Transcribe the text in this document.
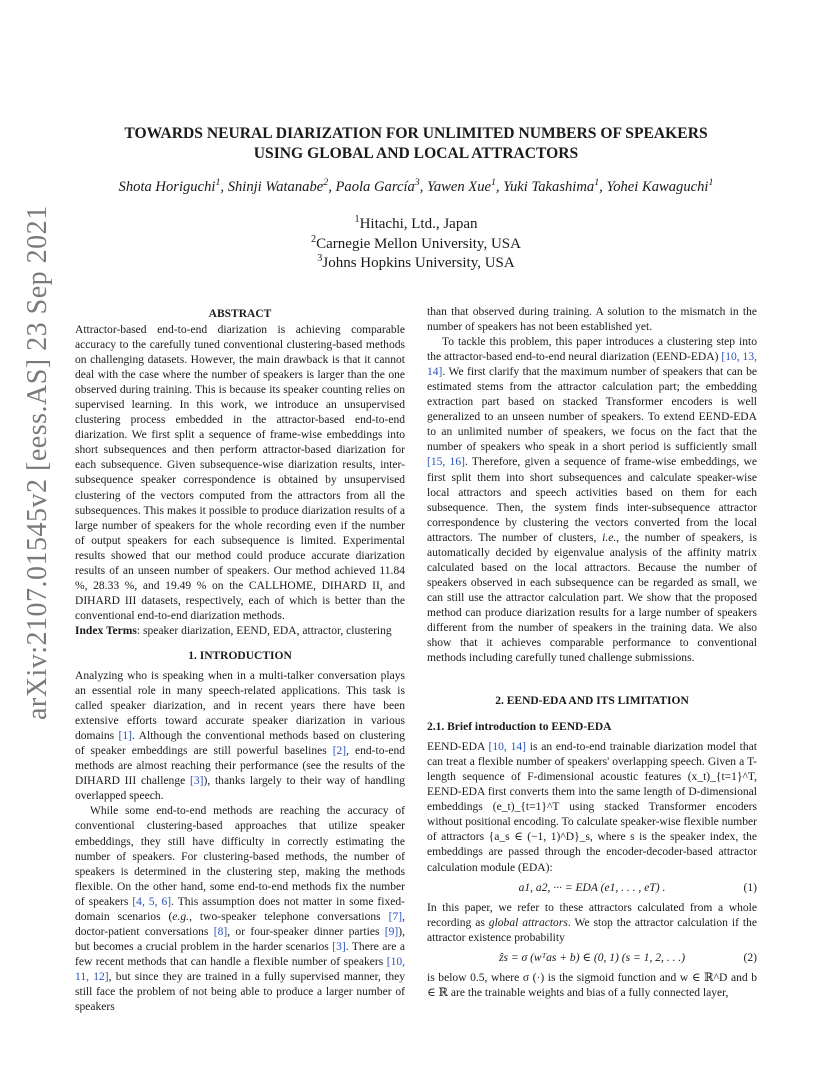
arXiv:2107.01545v2 [eess.AS] 23 Sep 2021
TOWARDS NEURAL DIARIZATION FOR UNLIMITED NUMBERS OF SPEAKERS
USING GLOBAL AND LOCAL ATTRACTORS
Shota Horiguchi$^1$, Shinji Watanabe$^2$, Paola García$^3$, Yawen Xue$^1$, Yuki Takashima$^1$, Yohei Kawaguchi$^1$
$^1$Hitachi, Ltd., Japan
$^2$Carnegie Mellon University, USA
$^3$Johns Hopkins University, USA
ABSTRACT

Attractor-based end-to-end diarization is achieving comparable accuracy to the carefully tuned conventional clustering-based methods on challenging datasets. However, the main drawback is that it cannot deal with the case where the number of speakers is larger than the one observed during training. This is because its speaker counting relies on supervised learning. In this work, we introduce an unsupervised clustering process embedded in the attractor-based end-to-end diarization. We first split a sequence of frame-wise embeddings into short subsequences and then perform attractor-based diarization for each subsequence. Given subsequence-wise diarization results, inter-subsequence speaker correspondence is obtained by unsupervised clustering of the vectors computed from the attractors from all the subsequences. This makes it possible to produce diarization results of a large number of speakers for the whole recording even if the number of output speakers for each subsequence is limited. Experimental results showed that our method could produce accurate diarization results of an unseen number of speakers. Our method achieved 11.84 %, 28.33 %, and 19.49 % on the CALLHOME, DIHARD II, and DIHARD III datasets, respectively, each of which is better than the conventional end-to-end diarization methods.

Index Terms: speaker diarization, EEND, EDA, attractor, clustering

1. INTRODUCTION

Analyzing who is speaking when in a multi-talker conversation plays an essential role in many speech-related applications. This task is called speaker diarization, and in recent years there have been extensive efforts toward accurate speaker diarization in various domains [1]. Although the conventional methods based on clustering of speaker embeddings are still powerful baselines [2], end-to-end methods are almost reaching their performance (see the results of the DIHARD III challenge [3]), thanks largely to their way of handling overlapped speech.

While some end-to-end methods are reaching the accuracy of conventional clustering-based approaches that utilize speaker embeddings, they still have difficulty in correctly estimating the number of speakers. For clustering-based methods, the number of speakers is determined in the clustering step, making the methods flexible. On the other hand, some end-to-end methods fix the number of speakers [4, 5, 6]. This assumption does not matter in some fixed-domain scenarios (e.g., two-speaker telephone conversations [7], doctor-patient conversations [8], or four-speaker dinner parties [9]), but becomes a crucial problem in the harder scenarios [3]. There are a few recent methods that can handle a flexible number of speakers [10, 11, 12], but since they are trained in a fully supervised manner, they still face the problem of not being able to produce a larger number of speakers

than that observed during training. A solution to the mismatch in the number of speakers has not been established yet.

To tackle this problem, this paper introduces a clustering step into the attractor-based end-to-end neural diarization (EEND-EDA) [10, 13, 14]. We first clarify that the maximum number of speakers that can be estimated stems from the attractor calculation part; the embedding extraction part based on stacked Transformer encoders is well generalized to an unseen number of speakers. To extend EEND-EDA to an unlimited number of speakers, we focus on the fact that the number of speakers who speak in a short period is sufficiently small [15, 16]. Therefore, given a sequence of frame-wise embeddings, we first split them into short subsequences and calculate speaker-wise local attractors and speech activities based on them for each subsequence. Then, the system finds inter-subsequence attractor correspondence by clustering the vectors converted from the local attractors. The number of clusters, i.e., the number of speakers, is automatically decided by eigenvalue analysis of the affinity matrix calculated based on the local attractors. Because the number of speakers observed in each subsequence can be regarded as small, we can still use the attractor calculation part. We show that the proposed method can produce diarization results for a large number of speakers different from the number of speakers in the training data. We also show that it achieves comparable performance to conventional methods including carefully tuned challenge submissions.

2. EEND-EDA AND ITS LIMITATION
2.1. Brief introduction to EEND-EDA

EEND-EDA [10, 14] is an end-to-end trainable diarization model that can treat a flexible number of speakers' overlapping speech. Given a T-length sequence of F-dimensional acoustic features (x_t)_{t=1}^T, EEND-EDA first converts them into the same length of D-dimensional embeddings (e_t)_{t=1}^T using stacked Transformer encoders without positional encoding. To calculate speaker-wise flexible number of attractors {a_s ∈ (−1, 1)^D}_s, where s is the speaker index, the embeddings are passed through the encoder-decoder-based attractor calculation module (EDA):

a1, a2, ··· = EDA (e1, . . . , eT) .	(1)

In this paper, we refer to these attractors calculated from a whole recording as global attractors. We stop the attractor calculation if the attractor existence probability

ẑs = σ (wᵀas + b) ∈ (0, 1) (s = 1, 2, . . .)	(2)

is below 0.5, where σ (·) is the sigmoid function and w ∈ ℝ^D and b ∈ ℝ are the trainable weights and bias of a fully connected layer,
